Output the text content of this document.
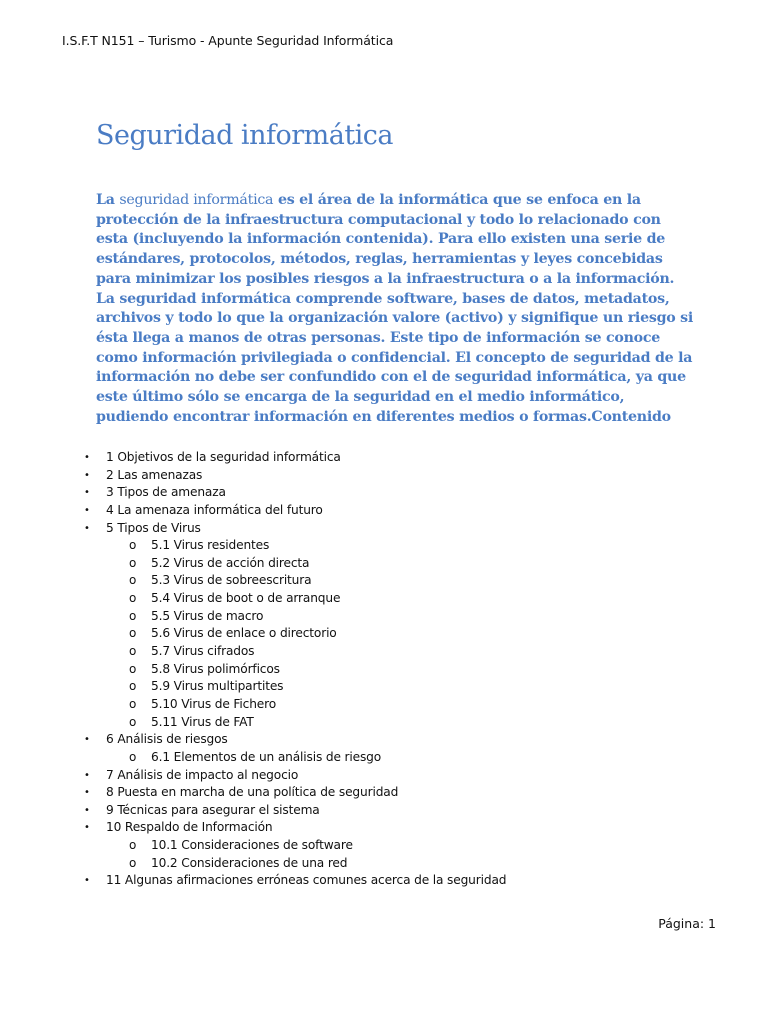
I.S.F.T N151 – Turismo - Apunte Seguridad Informática
Seguridad informática

La seguridad informática es el área de la informática que se enfoca en la protección de la infraestructura computacional y todo lo relacionado con esta (incluyendo la información contenida). Para ello existen una serie de estándares, protocolos, métodos, reglas, herramientas y leyes concebidas para minimizar los posibles riesgos a la infraestructura o a la información. La seguridad informática comprende software, bases de datos, metadatos, archivos y todo lo que la organización valore (activo) y signifique un riesgo si ésta llega a manos de otras personas. Este tipo de información se conoce como información privilegiada o confidencial. El concepto de seguridad de la información no debe ser confundido con el de seguridad informática, ya que este último sólo se encarga de la seguridad en el medio informático, pudiendo encontrar información en diferentes medios o formas.Contenido

• 1 Objetivos de la seguridad informática
• 2 Las amenazas
• 3 Tipos de amenaza
• 4 La amenaza informática del futuro
• 5 Tipos de Virus
o 5.1 Virus residentes
o 5.2 Virus de acción directa
o 5.3 Virus de sobreescritura
o 5.4 Virus de boot o de arranque
o 5.5 Virus de macro
o 5.6 Virus de enlace o directorio
o 5.7 Virus cifrados
o 5.8 Virus polimórficos
o 5.9 Virus multipartites
o 5.10 Virus de Fichero
o 5.11 Virus de FAT
• 6 Análisis de riesgos
o 6.1 Elementos de un análisis de riesgo
• 7 Análisis de impacto al negocio
• 8 Puesta en marcha de una política de seguridad
• 9 Técnicas para asegurar el sistema
• 10 Respaldo de Información
o 10.1 Consideraciones de software
o 10.2 Consideraciones de una red
• 11 Algunas afirmaciones erróneas comunes acerca de la seguridad
Página: 1
